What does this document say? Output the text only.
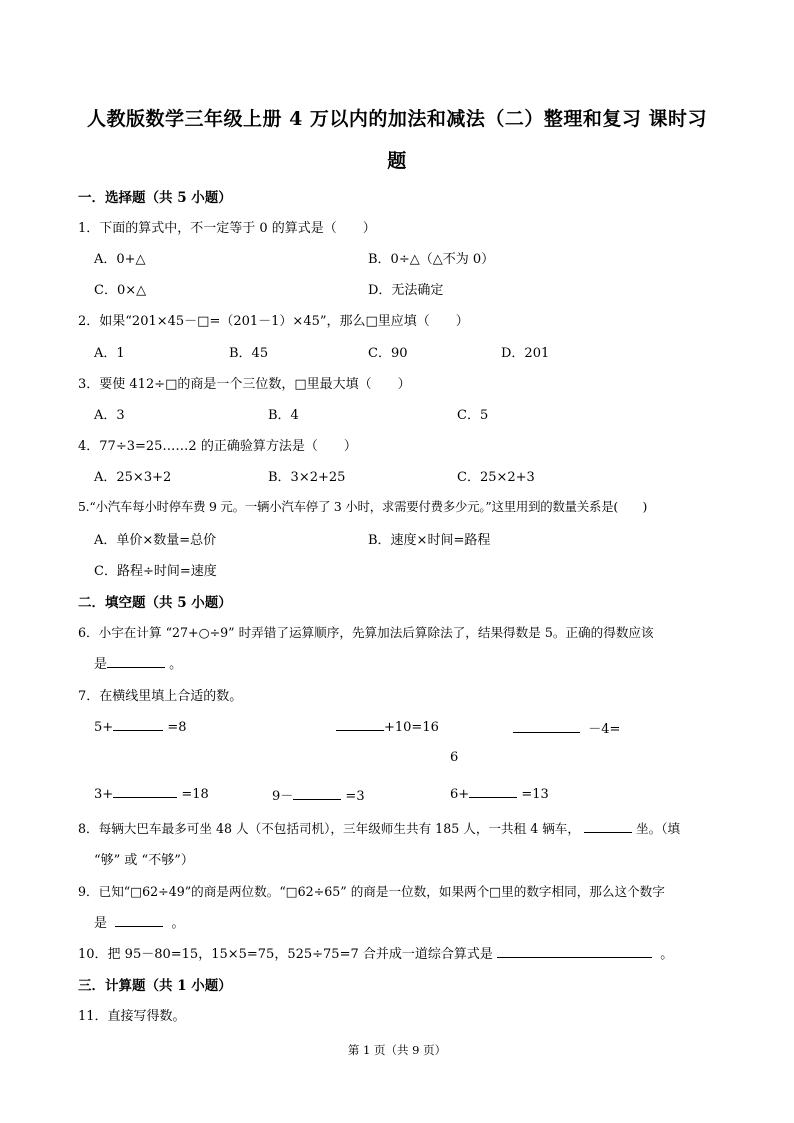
人教版数学三年级上册 4 万以内的加法和减法（二）整理和复习 课时习
题
一．选择题（共 5 小题）
1．下面的算式中，不一定等于 0 的算式是（　　）
A．0+△	B．0÷△（△不为 0）
C．0×△	D．无法确定
2．如果“201×45－□=（201－1）×45”，那么□里应填（　　）
A．1	B．45	C．90	D．201
3．要使 412÷□的商是一个三位数，□里最大填（　　）
A．3	B．4	C．5
4．77÷3=25……2 的正确验算方法是（　　）
A．25×3+2	B．3×2+25	C．25×2+3
5.“小汽车每小时停车费 9 元。一辆小汽车停了 3 小时，求需要付费多少元。”这里用到的数量关系是(　　)
A．单价×数量=总价	B．速度×时间=路程
C．路程÷时间=速度
二．填空题（共 5 小题）
6．小宇在计算 “27+○÷9” 时弄错了运算顺序，先算加法后算除法了，结果得数是 5。正确的得数应该
是	。
7．在横线里填上合适的数。
5+	=8	+10=16	－4=
6
3+	=18	9－	=3	6+	=13
8．每辆大巴车最多可坐 48 人（不包括司机），三年级师生共有 185 人，一共租 4 辆车，	坐。（填
“够” 或 “不够”）
9．已知“□62÷49”的商是两位数。“□62÷65” 的商是一位数，如果两个□里的数字相同，那么这个数字
是	。
10．把 95－80=15，15×5=75，525÷75=7 合并成一道综合算式是	。
三．计算题（共 1 小题）
11．直接写得数。
第 1 页（共 9 页）
